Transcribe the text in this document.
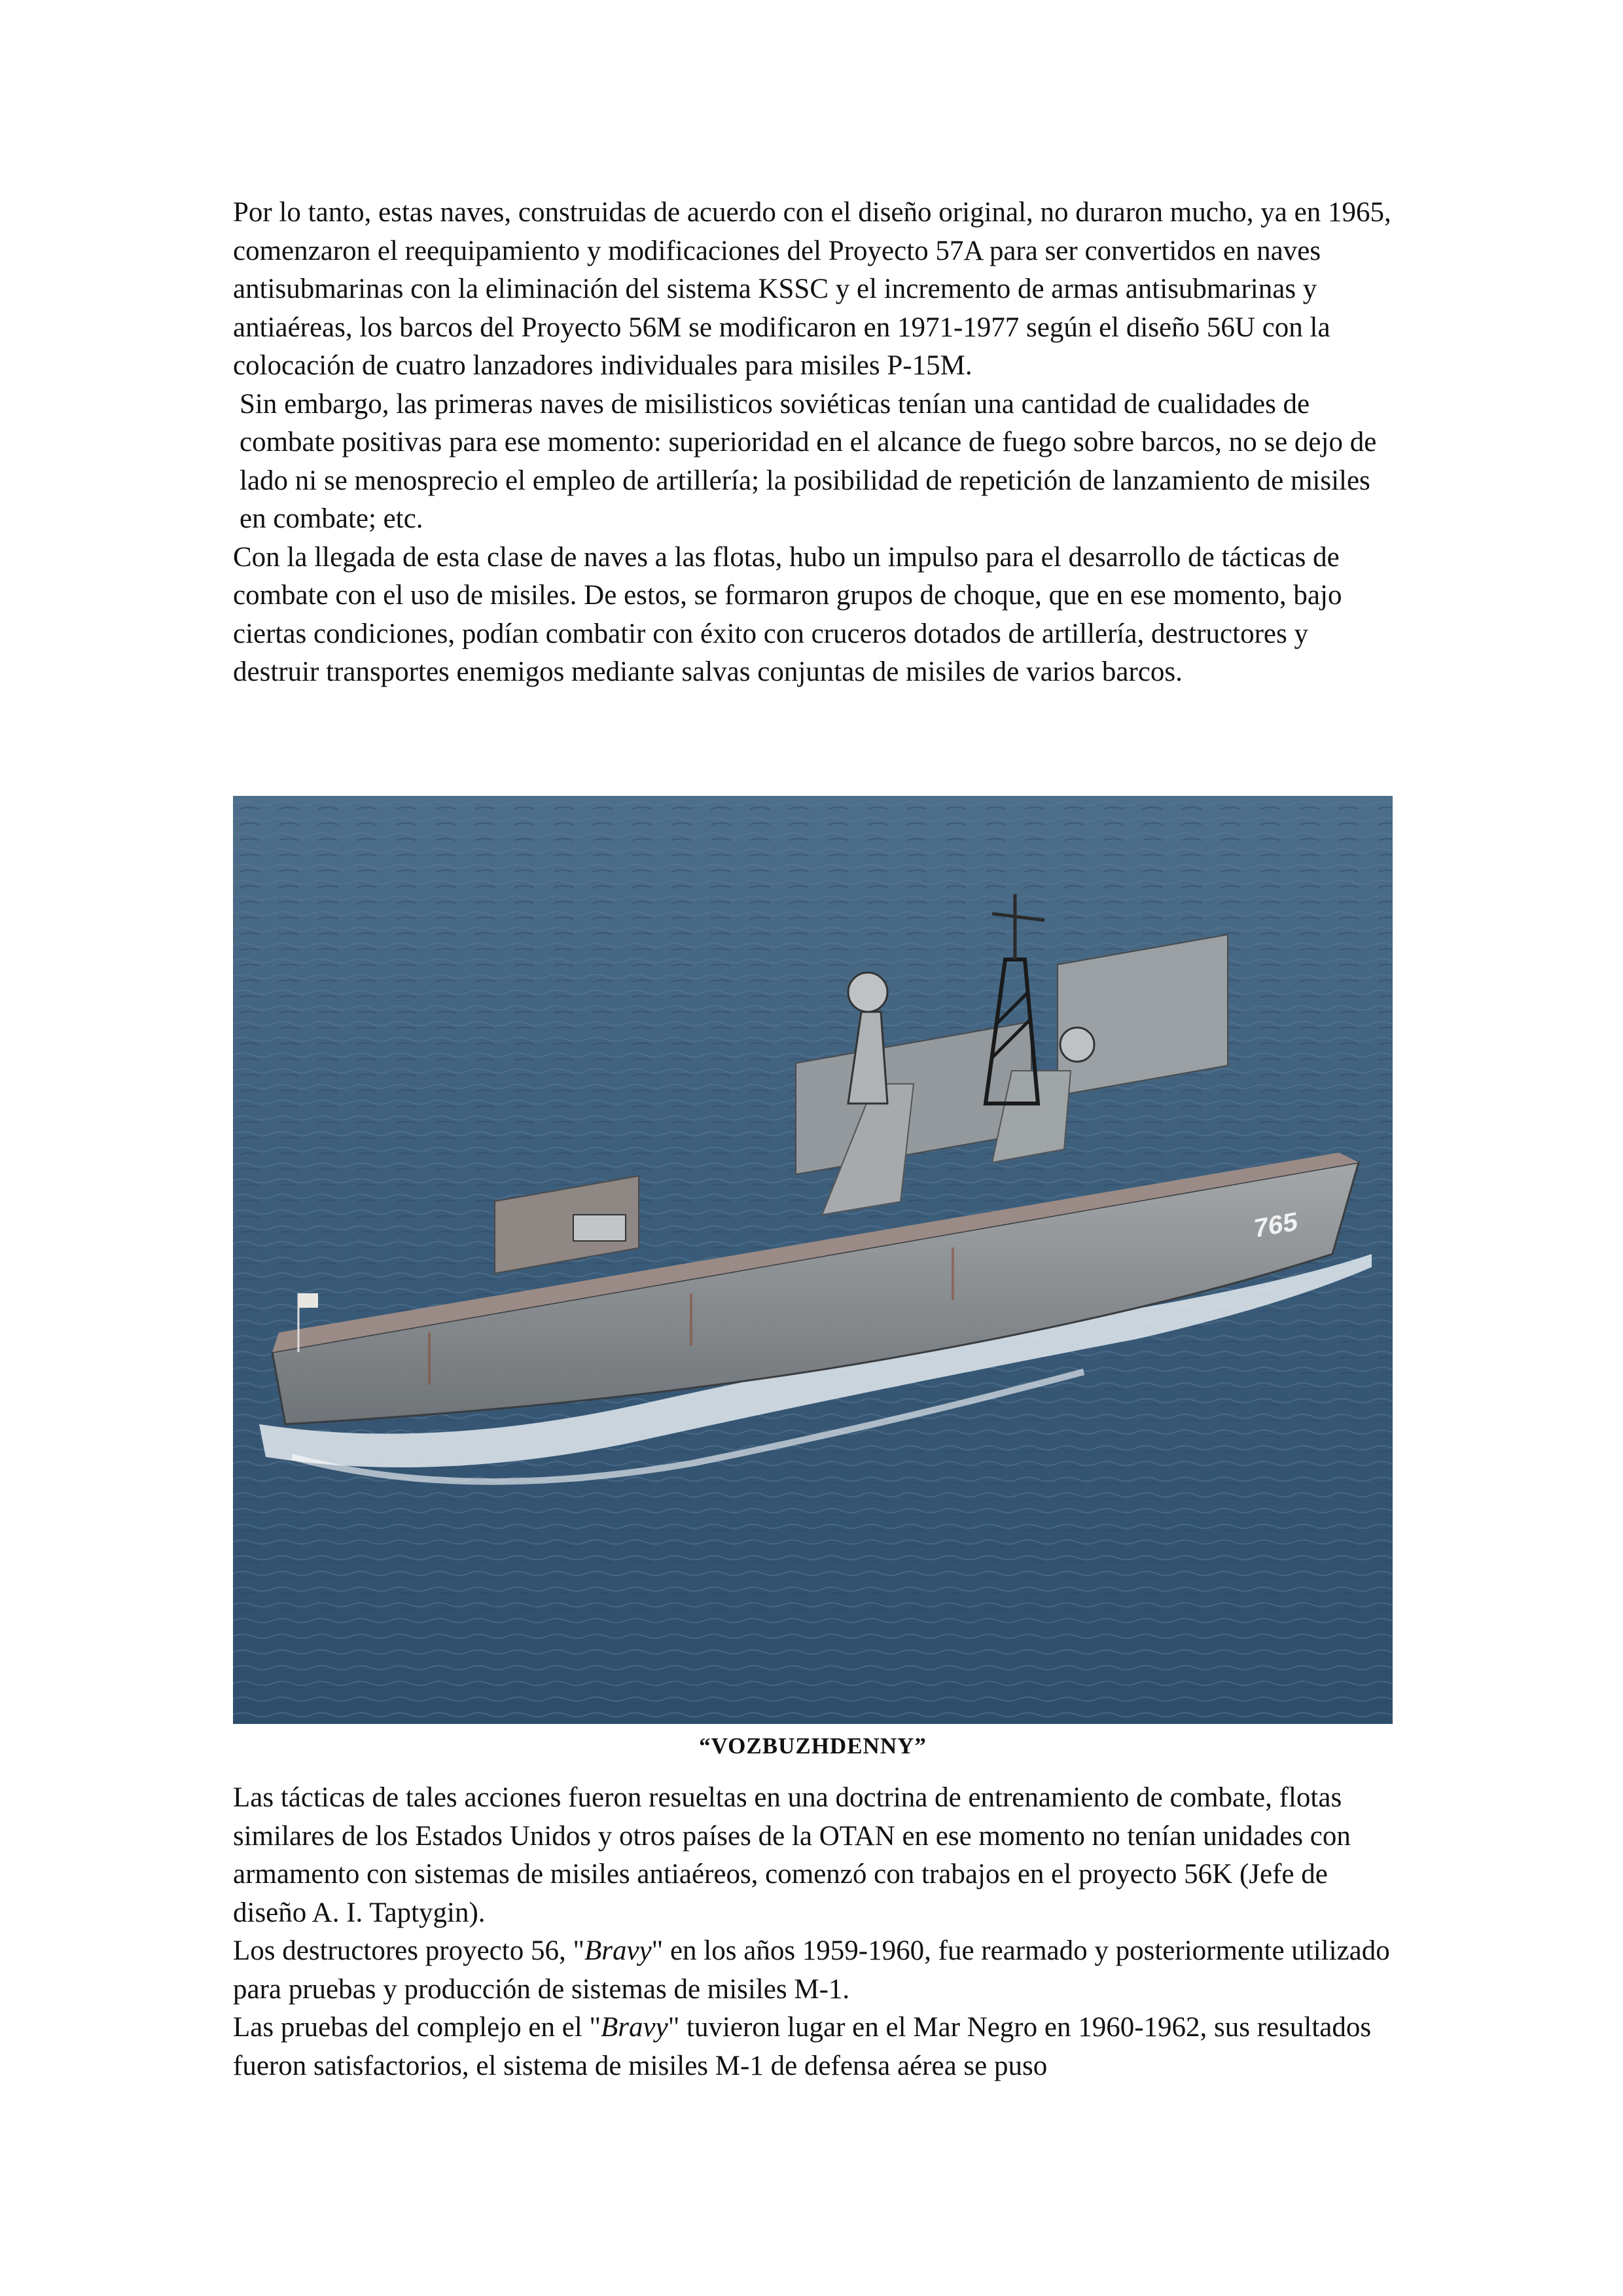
Por lo tanto, estas naves, construidas de acuerdo con el diseño original, no duraron mucho, ya en 1965, comenzaron el reequipamiento y modificaciones del Proyecto 57A para ser convertidos en naves antisubmarinas con la eliminación del sistema KSSC y el incremento de armas antisubmarinas y antiaéreas, los barcos del Proyecto 56M se modificaron en 1971-1977 según el diseño 56U con la colocación de cuatro lanzadores individuales para misiles P-15M.

Sin embargo, las primeras naves de misilisticos soviéticas tenían una cantidad de cualidades de combate positivas para ese momento: superioridad en el alcance de fuego sobre barcos, no se dejo de lado ni se menosprecio el empleo de artillería; la posibilidad de repetición de lanzamiento de misiles en combate; etc.

Con la llegada de esta clase de naves a las flotas, hubo un impulso para el desarrollo de tácticas de combate con el uso de misiles. De estos, se formaron grupos de choque, que en ese momento, bajo ciertas condiciones, podían combatir con éxito con cruceros dotados de artillería, destructores y destruir transportes enemigos mediante salvas conjuntas de misiles de varios barcos.

765
“VOZBUZHDENNY”

Las tácticas de tales acciones fueron resueltas en una doctrina de entrenamiento de combate, flotas similares de los Estados Unidos y otros países de la OTAN en ese momento no tenían unidades con armamento con sistemas de misiles antiaéreos, comenzó con trabajos en el proyecto 56K (Jefe de diseño A. I. Taptygin).

Los destructores proyecto 56, "Bravy" en los años 1959-1960, fue rearmado y posteriormente utilizado para pruebas y producción de sistemas de misiles M-1.

Las pruebas del complejo en el "Bravy" tuvieron lugar en el Mar Negro en 1960-1962, sus resultados fueron satisfactorios, el sistema de misiles M-1 de defensa aérea se puso
